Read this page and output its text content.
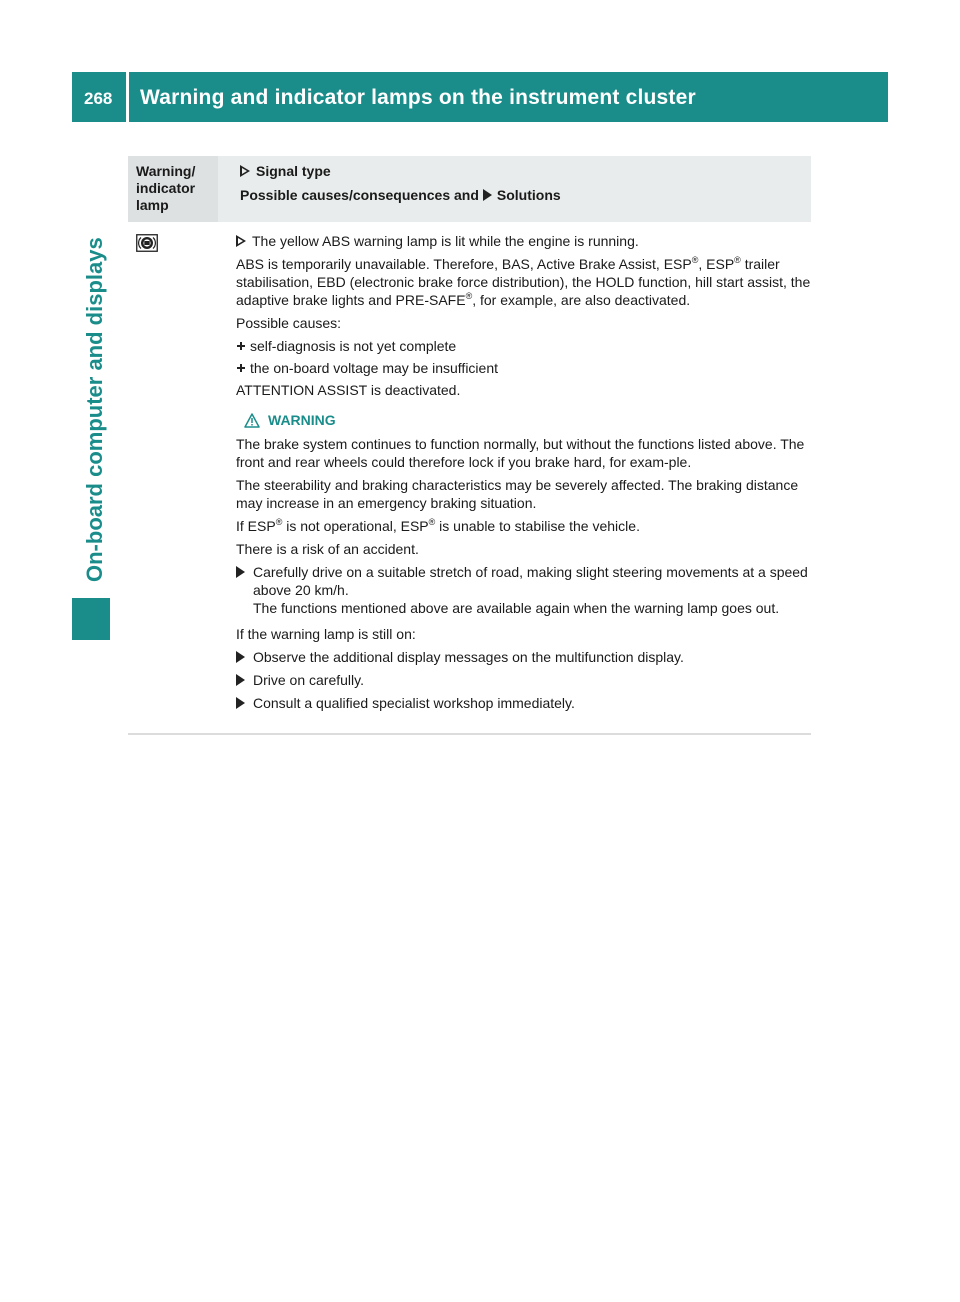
268 Warning and indicator lamps on the instrument cluster
On-board computer and displays
Warning/
indicator
lamp
Signal type
Possible causes/consequences and Solutions

The yellow ABS warning lamp is lit while the engine is running.

ABS is temporarily unavailable. Therefore, BAS, Active Brake Assist, ESP®, ESP® trailer stabilisation, EBD (electronic brake force distribution), the HOLD function, hill start assist, the adaptive brake lights and PRE-SAFE®, for example, are also deactivated.

Possible causes:

self-diagnosis is not yet complete
the on-board voltage may be insufficient

ATTENTION ASSIST is deactivated.

WARNING

The brake system continues to function normally, but without the functions listed above. The front and rear wheels could therefore lock if you brake hard, for exam-ple.

The steerability and braking characteristics may be severely affected. The braking distance may increase in an emergency braking situation.

If ESP® is not operational, ESP® is unable to stabilise the vehicle.

There is a risk of an accident.

Carefully drive on a suitable stretch of road, making slight steering movements at a speed above 20 km/h.
The functions mentioned above are available again when the warning lamp goes out.

If the warning lamp is still on:

Observe the additional display messages on the multifunction display.
Drive on carefully.
Consult a qualified specialist workshop immediately.
